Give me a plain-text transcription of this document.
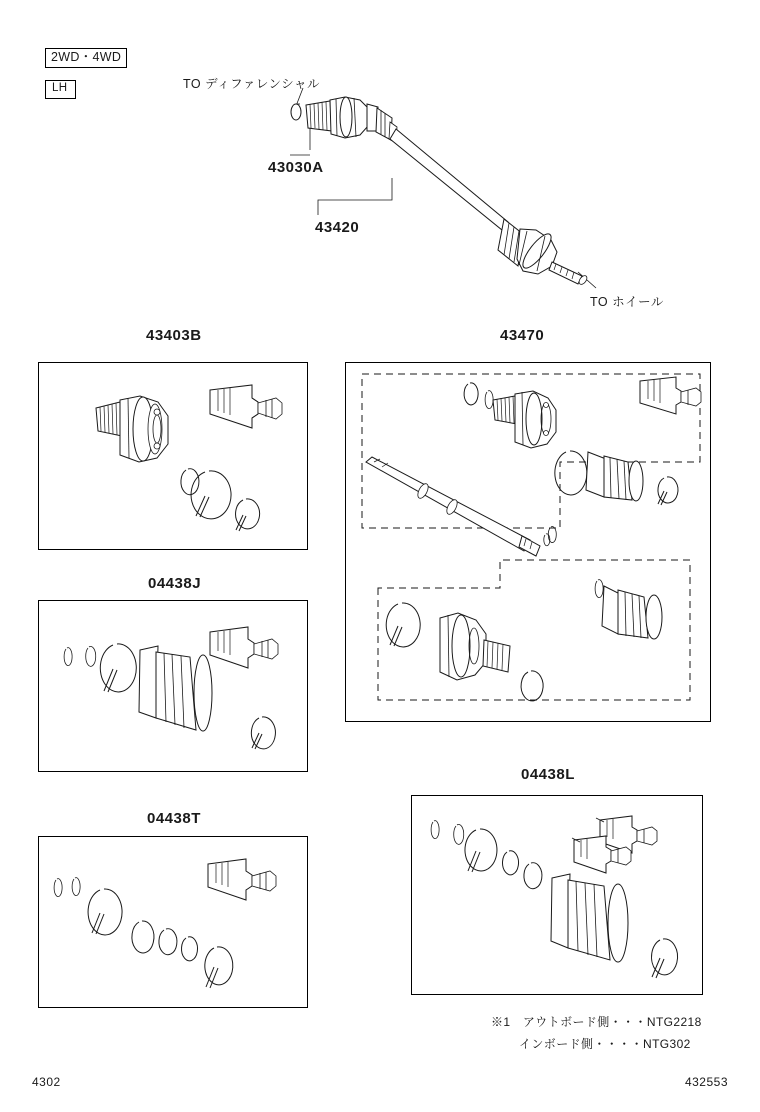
2WD・4WD
LH	TO ディファレンシャル
TO ホイール
43030A
43420
43403B	43470
04438J
04438T
04438L
※1　アウトボード側・・・NTG2218
インボード側・・・・NTG302
4302	432553
